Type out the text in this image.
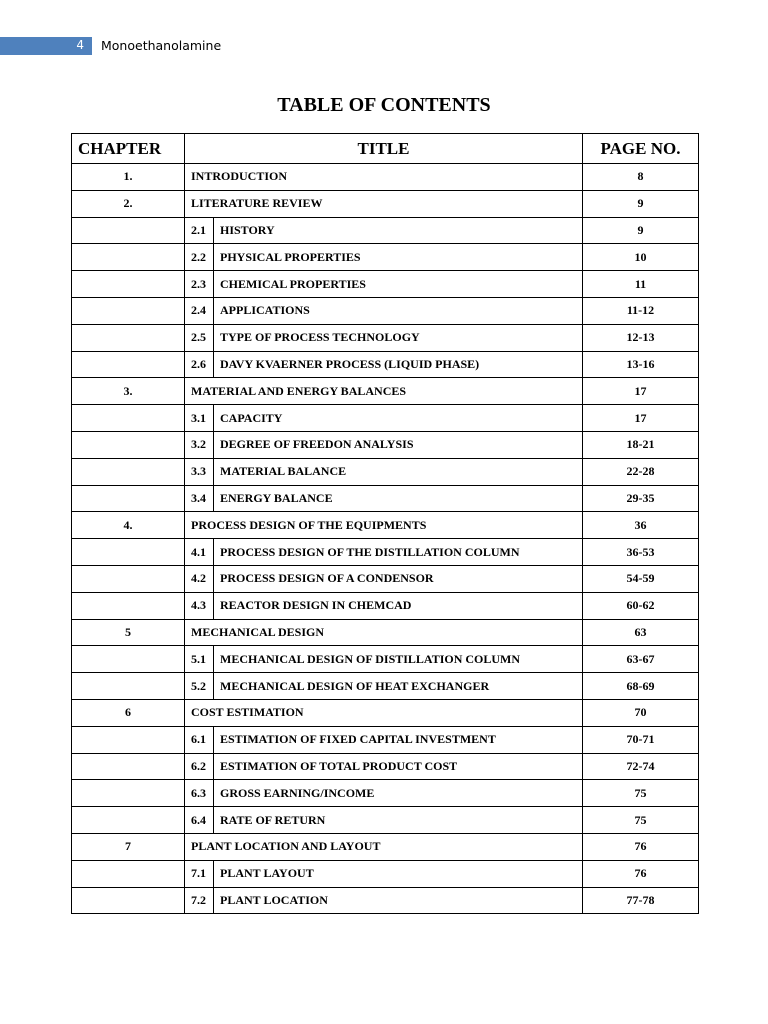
4 Monoethanolamine
TABLE OF CONTENTS
CHAPTER	TITLE		PAGE NO.
1.	INTRODUCTION		8
2.	LITERATURE REVIEW		9
	2.1	HISTORY	9
	2.2	PHYSICAL PROPERTIES	10
	2.3	CHEMICAL PROPERTIES	11
	2.4	APPLICATIONS	11-12
	2.5	TYPE OF PROCESS TECHNOLOGY	12-13
	2.6	DAVY KVAERNER PROCESS (LIQUID PHASE)	13-16
3.	MATERIAL AND ENERGY BALANCES		17
	3.1	CAPACITY	17
	3.2	DEGREE OF FREEDON ANALYSIS	18-21
	3.3	MATERIAL BALANCE	22-28
	3.4	ENERGY BALANCE	29-35
4.	PROCESS DESIGN OF THE EQUIPMENTS		36
	4.1	PROCESS DESIGN OF THE DISTILLATION COLUMN	36-53
	4.2	PROCESS DESIGN OF A CONDENSOR	54-59
	4.3	REACTOR DESIGN IN CHEMCAD	60-62
5	MECHANICAL DESIGN		63
	5.1	MECHANICAL DESIGN OF DISTILLATION COLUMN	63-67
	5.2	MECHANICAL DESIGN OF HEAT EXCHANGER	68-69
6	COST ESTIMATION		70
	6.1	ESTIMATION OF FIXED CAPITAL INVESTMENT	70-71
	6.2	ESTIMATION OF TOTAL PRODUCT COST	72-74
	6.3	GROSS EARNING/INCOME	75
	6.4	RATE OF RETURN	75
7	PLANT LOCATION AND LAYOUT		76
	7.1	PLANT LAYOUT	76
	7.2	PLANT LOCATION	77-78
